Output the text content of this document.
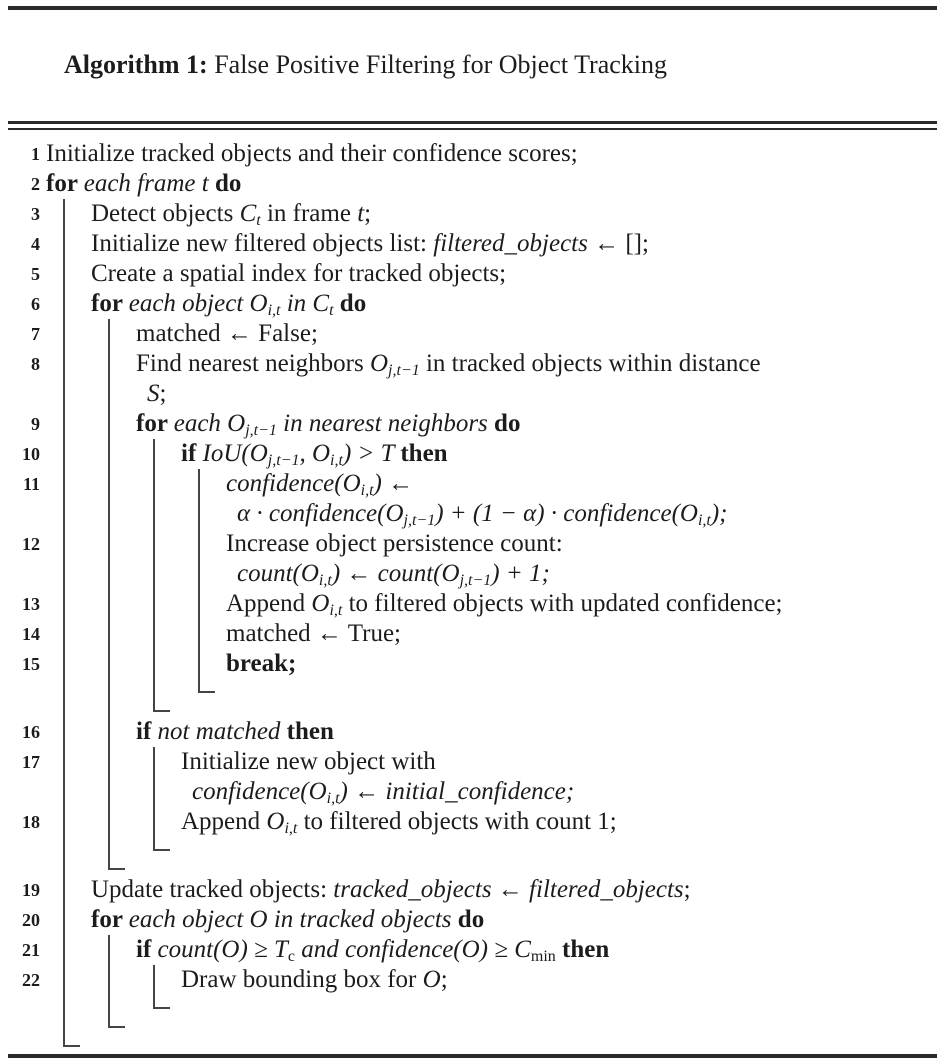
Algorithm 1: False Positive Filtering for Object Tracking

1 Initialize tracked objects and their confidence scores;
2 for each frame t do
3 Detect objects $C_t$ in frame t;
4 Initialize new filtered objects list: filtered_objects ← [];
5 Create a spatial index for tracked objects;
6 for each object $O_{i,t}$ in $C_t$ do
7	matched ← False;
8	Find nearest neighbors $O_{j,t-1}$ in tracked objects within distance
S;
9	for each $O_{j,t-1}$ in nearest neighbors do
10	if $IoU(O_{j,t-1}$, $O_{i,t}) > T$ then
11	$confidence(O_{i,t})$ ←
$\alpha \cdot confidence(O_{j,t-1}) + (1 - \alpha)$ · $confidence(O_{i,t})$;
12	Increase object persistence count:
$count(O_{i,t})$ ← $count(O_{j,t-1}) + 1$;
13	Append $O_{i,t}$ to filtered objects with updated confidence;
14	matched ← True;
15	break;
16	if not matched then
17	Initialize new object with
$confidence(O_{i,t})$ ← initial_confidence;
18	Append $O_{i,t}$ to filtered objects with count 1;
19 Update tracked objects: tracked_objects ← filtered_objects;
20 for each object O in tracked objects do
21	if count(O) ≥ $T_c$ and confidence(O) ≥ $C_{min}$ then
22	Draw bounding box for O;
